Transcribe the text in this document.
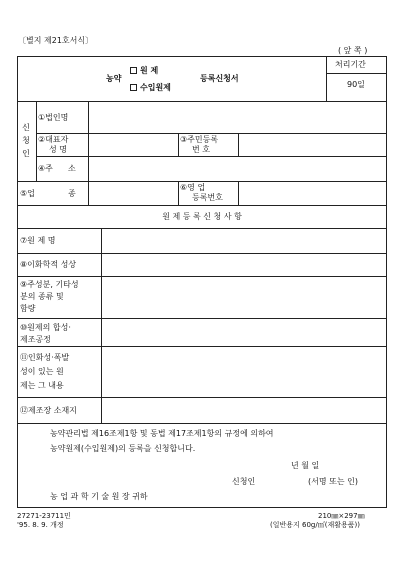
〔별지 제21호서식〕
( 앞 쪽 )
처리기간
90일
농약
원 제
수입원제
등록신청서
신
청
인
①법인명
②대표자
성 명
③주민등록
번 호
④주 소
⑤업	종
⑥영 업
등록번호
원 제 등 록 신 청 사 항
⑦원 제 명
⑧이화학적 성상
⑨주성분, 기타성
분의 종류 및
함량
⑩원제의 합성·
제조공정
⑪인화성·폭발
성이 있는 원
제는 그 내용
⑫제조장 소재지
농약관리법 제16조제1항 및 동법 제17조제1항의 규정에 의하여
농약원제(수입원제)의 등록을 신청합니다.
년 월 일
신청인	(서명 또는 인)
농 업 과 학 기 술 원 장 귀하
27271-23711민
'95. 8. 9. 개정
210㎜×297㎜
(일반용지 60g/㎡(재활용품))
